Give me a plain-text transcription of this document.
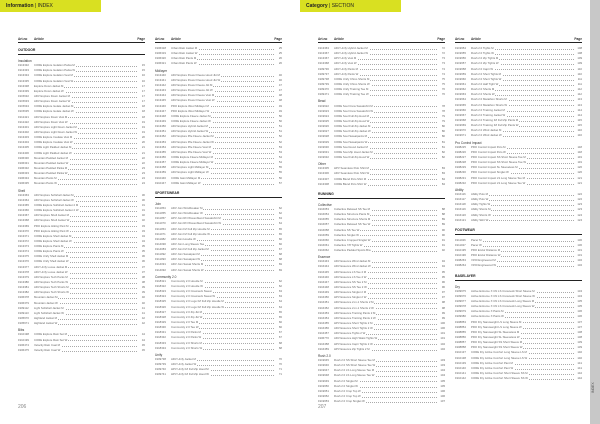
Information | INDEX
Art.no	Article	Page
OUTDOOR
Insulation
1913332	CORE Explore Isolation Parka M	15
1913333	CORE Explore Isolation Parka W	15
1913334	CORE Explore Isolation Vest M	16
1913335	CORE Explore Isolation Vest W	16
1913338	Explore Down Jacket M	17
1913339	Explore Down Jacket W	17
1915632	ADV Explore Down Jacket M	17
1915633	ADV Explore Down Jacket W	17
1915634	CORE Explore Isolate Jacket M	18
1915635	CORE Explore Isolate Jacket W	18
1912421	ADV Explore Down Vest M	18
1912422	ADV Explore Down Vest W	19
1913401	ADV Explore Light Down Jacket M	19
1913402	ADV Explore Light Down Jacket W	19
1913403	CORE Explore Insulate Vest M	20
1913404	CORE Explore Insulate Vest W	20
1913405	CORE Light Padded Jacket M	21
1913406	CORE Light Padded Jacket W	21
1906330	Mountain Padded Jacket M	22
1906331	Mountain Padded Jacket W	22
1906332	Mountain Padded Parka M	23
1906333	Mountain Padded Parka W	23
1906334	Mountain Pants M	24
1906335	Mountain Pants W	24
Shell
1913363	ADV Explore Softshell Jacket M	30
1913364	ADV Explore Softshell Jacket W	30
1913365	CORE Explore Softshell Jacket 2 M	31
1913366	CORE Explore Softshell Jacket 2 W	31
1913367	ADV Explore Shell Jacket M	32
1913368	ADV Explore Shell Jacket W	32
1913369	PRO Explore Hiking Pant M	33
1913370	PRO Explore Hiking Pant W	33
1913371	CORE Explore Shell Jacket M	34
1913372	CORE Explore Shell Jacket W	34
1913373	CORE Explore Pants M	35
1913374	CORE Explore Pants W	35
1913375	CORE Unify Shell Jacket M	36
1913376	CORE Unify Shell Jacket W	36
1913377	ADV Unify Loose Jacket M	37
1913378	ADV Unify Loose Jacket W	37
1913379	ADV Explore Tech Pants M	38
1913380	ADV Explore Tech Pants W	38
1913381	ADV Explore Tech Shorts M	39
1913382	ADV Explore Tech Shorts W	39
1906378	Mountain Jacket M	40
1906379	Mountain Jacket W	40
1909112	Light Softshell Jacket M	41
1909113	Light Softshell Jacket W	41
1905670	Highland Jacket M	42
1905671	Highland Jacket W	42
Bibs
1910198	CORE Explore Rain Set M	44
1910199	CORE Explore Rain Set W	44
1906474	Velocity Rain Coat M	45
1906475	Velocity Rain Coat W	45
Art.no	Article	Page
1906318	Urban Rain Jacket M	25
1906319	Urban Rain Jacket W	25
1906320	Urban Rain Pants M	26
1906321	Urban Rain Pants W	26
Midlayer
1913440	ADV Explore Power Fleece Hood Jkt M	46
1913441	ADV Explore Power Fleece Hood Jkt W	46
1913442	ADV Explore Power Fleece Jkt M	47
1913443	ADV Explore Power Fleece Jkt W	47
1913444	ADV Explore Power Fleece Vest M	48
1913445	ADV Explore Power Fleece Vest W	48
1913446	PRO Explore Wool Midlayer M	49
1913447	PRO Explore Wool Midlayer W	49
1913448	CORE Explore Fleece Jacket M	50
1913449	CORE Explore Fleece Jacket W	50
1913450	ADV Explore Hybrid Jacket M	51
1913451	ADV Explore Hybrid Jacket W	51
1913452	ADV Explore Pile Fleece Jacket M	52
1913453	ADV Explore Pile Fleece Jacket W	52
1913454	ADV Explore Pile Fleece Vest M	53
1913455	ADV Explore Pile Fleece Vest W	53
1913456	CORE Explore Fleece Midlayer M	54
1913457	CORE Explore Fleece Midlayer W	54
1913458	ADV Explore Light Midlayer M	55
1913459	ADV Explore Light Midlayer W	55
1910446	CORE Gain Midlayer M	56
1910447	CORE Gain Midlayer W	57
SPORTSWEAR
Join
1911054	ADV Join Windbreaker M	62
1911055	ADV Join Windbreaker W	62
1911057	HPV Join RN Wovenblend Sweatshirt M	63
1911070	ADV Join RN Wovenblend Sweatshirt W	64
1911054	ADV Join FZ Full Zip Hoodie M	65
1911071	ADV Join FZ Full Zip Hoodie W	65
1911082	ADV Join Hoodie W	66
1914090	ADV Join Long Sleeve Tee	66
1914083	HPV Join FZ Full Zip Jacket M	67
1911092	ADV Join Sweatpant M	68
1911093	ADV Join Sweatpant W	68
1914091	ADV Join Sweat Shorts M	69
1914092	ADV Join Sweat Shorts W	69
Community 2.0
1918321	Community 2.0 Hoodie M	62
1918322	Community 2.0 Hoodie W	62
1918323	Community 2.0 Crewneck Sweat	63
1918324	Community 2.0 Crewneck Sweat W	63
1918325	Community 2.0 Logo FZ Full Zip Hoodie M	64
1918326	Community 2.0 Logo FZ Full Zip Hoodie W	64
1918327	Community 2.0 Zip Jkt M	65
1918328	Community 2.0 Zip Jkt W	65
1918329	Community 2.0 Tee M	66
1918330	Community 2.0 Tee W	66
1918331	Community 2.0 Pants M	67
1918332	Community 2.0 Pants W	67
1918333	Community 2.0 Shorts M	68
1918334	Community 2.0 Shorts W	68
Unify
1909738	ADV Unify Jacket M	70
1909739	ADV Unify Jacket W	70
1909740	HPV Unify FZ Full Zip Hood M	71
1909741	HPV Unify FZ Full Zip Hood W	71
206
Category | SECTION
Art.no	Article	Page
1913363	ADV Unify Hybrid Jacket M	72
1913367	ADV Unify Hybrid Jacket W	72
1913367	HPV Unify Vest M	73
1913368	ADV Unify Vest W	73
1909736	ADV Unify Pants M	74
1909737	ADV Unify Pants W	74
1909738	CORE Unify Chino Shorts M	75
1909739	CORE Unify Chino Shorts W	75
1909470	CORE Unify Training Tee M	76
1909471	CORE Unify Training Tee W	76
Bead
1919622	CORE Soul Crew Sweatshirt M	78
1919623	CORE Soul Crew Sweatshirt W	78
1919624	CORE Soul Full Zip Hood M	79
1919625	CORE Soul Full Zip Hood W	79
1919626	CORE Soul Full Zip Jacket M	80
1919627	CORE Soul Full Zip Jacket W	80
1919628	CORE Soul Sweatpants M	80
1919629	CORE Soul Sweatpants W	81
1919630	CORE Soul Hood Jacket M	81
1919631	CORE Soul Zip Hood Jacket M	82
1919632	CORE Soul Full Zip Hood W	82
Other
1913305	HPV Seamless Polo Shirt M	83
1913306	ADV Seamless Polo Shirt W	83
1913307	CORE Blend Polo Shirt M	84
1913308	CORE Blend Polo Shirt W	84
RUNNING
Collective
1916053	Collective Relaxed SS Tee M	88
1916054	Collective Structure Pants M	88
1916055	Collective Structure Shorts M	89
1916057	Collective Relaxed SS Tee W	89
1916058	Collective SS Tee W	90
1916059	Collective Singlet W	90
1916060	Collective Cropped Singlet W	91
1916061	Collective 7/8 Tights W	91
1916062	Collective Padded Sports Bra	92
Essence
1916443	ADV Essence Wind Jacket M	94
1916444	ADV Essence Wind Jacket W	94
1916445	ADV Essence LS Tee 2 M	95
1916446	ADV Essence LS Tee 2 W	95
1916447	ADV Essence SS Tee 2 M	96
1916448	ADV Essence SS Tee 2 W	96
1916449	ADV Essence Singlet 2 M	97
1916450	HPV Essence Singlet 2 W	97
1916451	ADV Essence 2-in-1 Shorts 2 M	98
1916452	ADV Essence 2-in-1 Shorts 2 W	98
1916453	ADV Essence Training Pants 2 M	99
1916454	ADV Essence Training Pants 2 W	99
1916455	HPV Essence Short Tights 2 M	100
1916456	ADV Essence Short Tights 2 W	100
1916457	ADV Essence Tights 2 W	101
1906770	ADV Essence High Waist Tights W	101
1916458	HPV Essence Capri Tights 2 W	102
1916459	HPV Essence Zip Tights 2 M	102
Rush 2.0
1919645	Rush 2.0 SS Short Sleeve Tee M	103
1919646	Rush 2.0 SS Short Sleeve Tee W	103
1919647	Rush 2.0 LS Long Sleeve Tee M	104
1919648	Rush 2.0 LS Long Sleeve Tee W	104
1919649	Rush 2.0 Singlet M	105
1919650	Rush 2.0 Singlet W	105
1919651	Rush 2.0 Crop Top W	106
1919652	Rush 2.0 Crop Top W	106
1919653	Rush 2.0 Crop Singlet W	107
Art.no	Article	Page
1919654	Rush 2.0 Tights M	108
1919655	Rush 2.0 Tights W	108
1919656	Rush 2.0 Zip Tights M	109
1919657	Rush 2.0 Zip Tights W	109
1919658	Rush 2.0 Capri W	110
1919659	Rush 2.0 Short Tights M	110
1919660	Rush 2.0 Short Tights W	111
1919661	Rush 2.0 Half Tight W	111
1919662	Rush 2.0 Shorts M	112
1919663	Rush 2.0 Shorts W	112
1919664	Rush 2.0 Marathon Shorts M	113
1919665	Rush 2.0 Marathon Shorts W	113
1919666	Rush 2.0 Training Jacket M	114
1919667	Rush 2.0 Training Jacket W	114
1919668	Rush 2.0 Training FZ Full Zip Pants M	115
1919669	Rush 2.0 Training FZ Full Zip Pants W	115
1919670	Rush 2.0 Wind Jacket M	116
1919671	Rush 2.0 Wind Jacket W	116
Pro Control Impact
1908225	PRO Control Impact Polo M	118
1908226	PRO Control Impact Polo W	118
1908227	PRO Control Impact SS Short Sleeve Tee M	119
1908228	PRO Control Impact SS Short Sleeve Tee W	119
1908229	PRO Control Impact SL Sleeveless M	120
1908230	PRO Control Impact Singlet W	120
1908231	PRO Control Impact LS Long Sleeve Tee M	121
1908232	PRO Control Impact LS Long Sleeve Tee W	121
Ability
1916116	Ability Polo M	122
1916117	Ability Polo W	122
1916118	Ability Tights W	123
1916119	Ability Shorts M	123
1916120	Ability Shorts W	124
1916121	Ability Skirt W	124
FOOTWEAR
1911026	Pacer M	130
1911027	Pacer W	130
1910195	PRO Endur Distance M	131
1910196	PRO Endur Distance W	131
1908263	V150 Engineered M	132
1908264	V150 Engineered W	132
BASELAYER
Dry
1909675	Active Extreme X CN LS Crewneck Short Sleeve M	134
1909676	Active Extreme X CN LS Crewneck Short Sleeve W	134
1909677	Active Extreme X CN LS Crewneck Long Sleeve M	135
1909678	Active Extreme X CN LS Crewneck Long Sleeve W	135
1909679	Active Extreme X Pants M	136
1909680	Active Extreme X Pants W	136
1908853	PRO Dry Nanoweight LS Long Sleeve M	137
1908854	PRO Dry Nanoweight LS Long Sleeve W	137
1908855	PRO Dry Nanoweight SL Sleeveless M	138
1908856	PRO Dry Nanoweight SL Sleeveless W	138
1908857	PRO Dry Nanoweight SS Short Sleeve M	139
1908858	PRO Dry Nanoweight SS Short Sleeve W	139
1910137	CORE Dry Active Comfort Long Sleeve LS M	140
1910138	CORE Dry Active Comfort Long Sleeve LS W	140
1910139	CORE Dry Active Comfort Pant M	141
1910140	CORE Dry Active Comfort Pant W	141
1910141	CORE Dry Active Comfort Short Sleeve SS M	142
1910142	CORE Dry Active Comfort Short Sleeve SS W	142
207
INDEX
